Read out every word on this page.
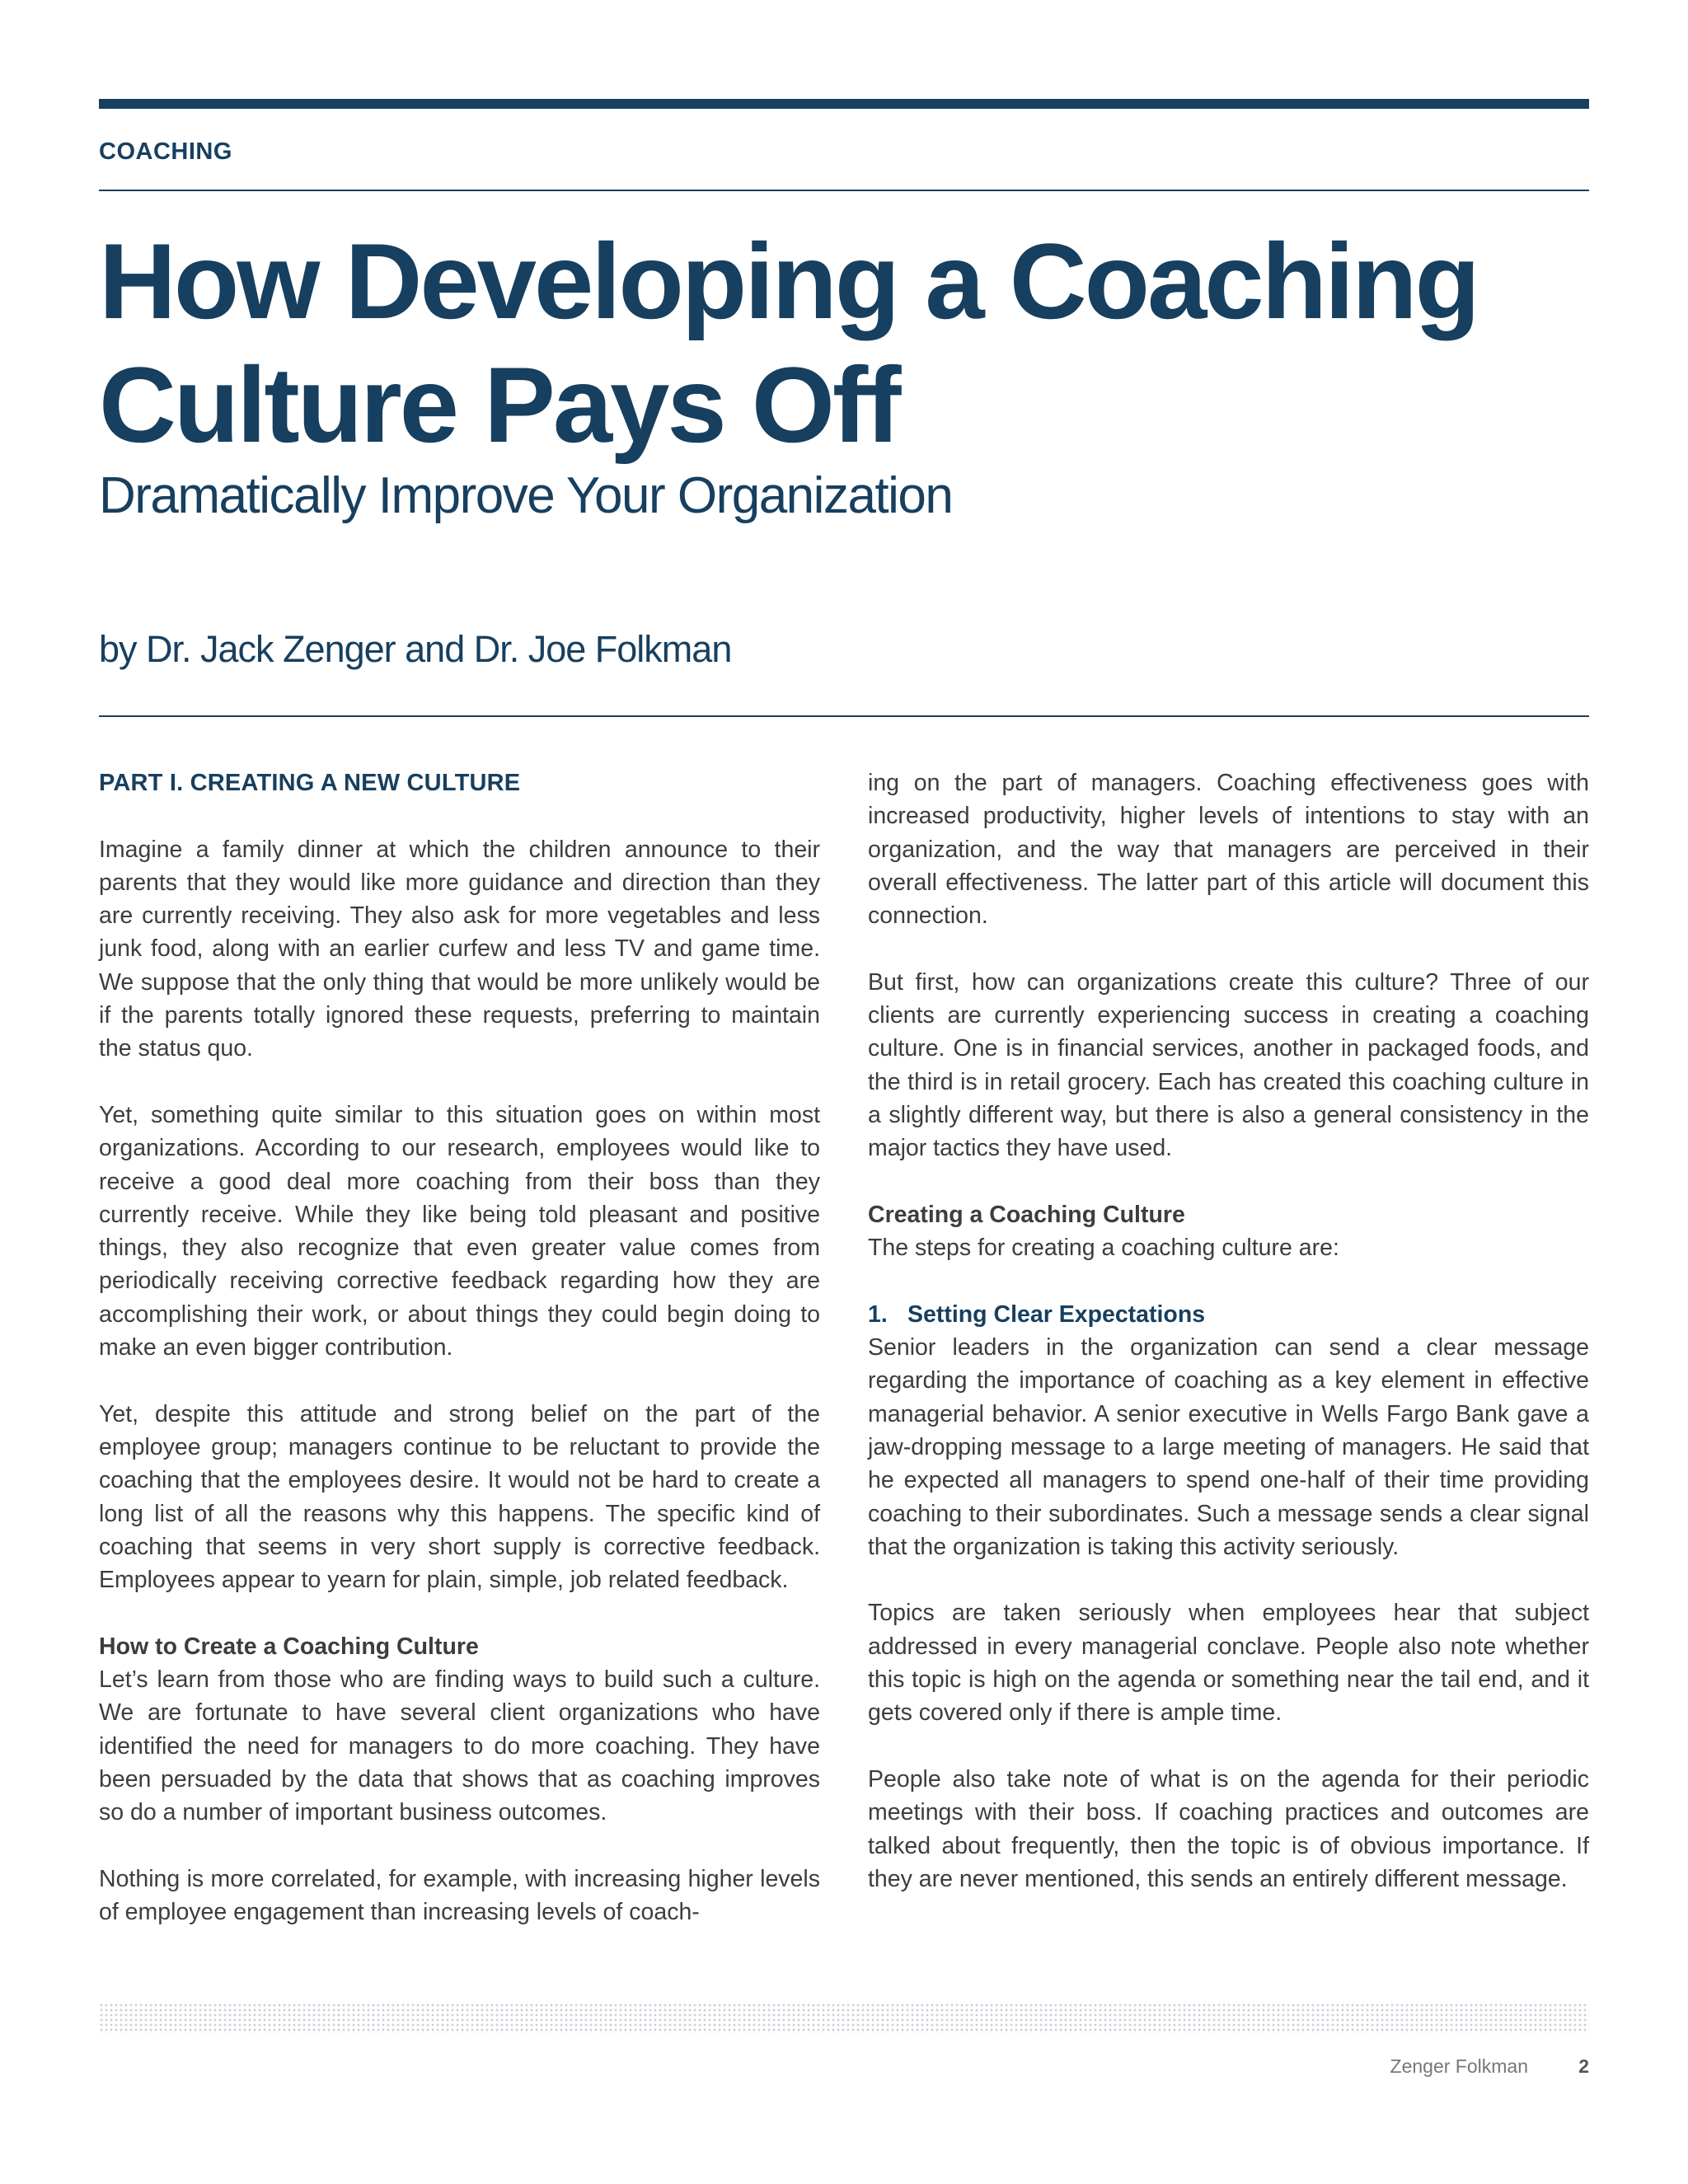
COACHING
How Developing a Coaching Culture Pays Off
Dramatically Improve Your Organization
by Dr. Jack Zenger and Dr. Joe Folkman
PART I. CREATING A NEW CULTURE

Imagine a family dinner at which the children announce to their parents that they would like more guidance and direction than they are currently receiving. They also ask for more vegetables and less junk food, along with an earlier curfew and less TV and game time. We suppose that the only thing that would be more unlikely would be if the parents totally ignored these requests, preferring to maintain the status quo.

Yet, something quite similar to this situation goes on within most organizations. According to our research, employees would like to receive a good deal more coaching from their boss than they currently receive. While they like being told pleasant and positive things, they also recognize that even greater value comes from periodically receiving corrective feedback regarding how they are accomplishing their work, or about things they could begin doing to make an even bigger contribution.

Yet, despite this attitude and strong belief on the part of the employee group; managers continue to be reluctant to provide the coaching that the employees desire. It would not be hard to create a long list of all the reasons why this happens. The specific kind of coaching that seems in very short supply is corrective feedback. Employees appear to yearn for plain, simple, job related feedback.

How to Create a Coaching Culture

Let’s learn from those who are finding ways to build such a culture. We are fortunate to have several client organizations who have identified the need for managers to do more coaching. They have been persuaded by the data that shows that as coaching improves so do a number of important business outcomes.

Nothing is more correlated, for example, with increasing higher levels of employee engagement than increasing levels of coach-

ing on the part of managers. Coaching effectiveness goes with increased productivity, higher levels of intentions to stay with an organization, and the way that managers are perceived in their overall effectiveness. The latter part of this article will document this connection.

But first, how can organizations create this culture? Three of our clients are currently experiencing success in creating a coaching culture. One is in financial services, another in packaged foods, and the third is in retail grocery. Each has created this coaching culture in a slightly different way, but there is also a general consistency in the major tactics they have used.

Creating a Coaching Culture

The steps for creating a coaching culture are:

1. Setting Clear Expectations

Senior leaders in the organization can send a clear message regarding the importance of coaching as a key element in effective managerial behavior. A senior executive in Wells Fargo Bank gave a jaw-dropping message to a large meeting of managers. He said that he expected all managers to spend one-half of their time providing coaching to their subordinates. Such a message sends a clear signal that the organization is taking this activity seriously.

Topics are taken seriously when employees hear that subject addressed in every managerial conclave. People also note whether this topic is high on the agenda or something near the tail end, and it gets covered only if there is ample time.

People also take note of what is on the agenda for their periodic meetings with their boss. If coaching practices and outcomes are talked about frequently, then the topic is of obvious importance. If they are never mentioned, this sends an entirely different message.

Zenger Folkman	2
